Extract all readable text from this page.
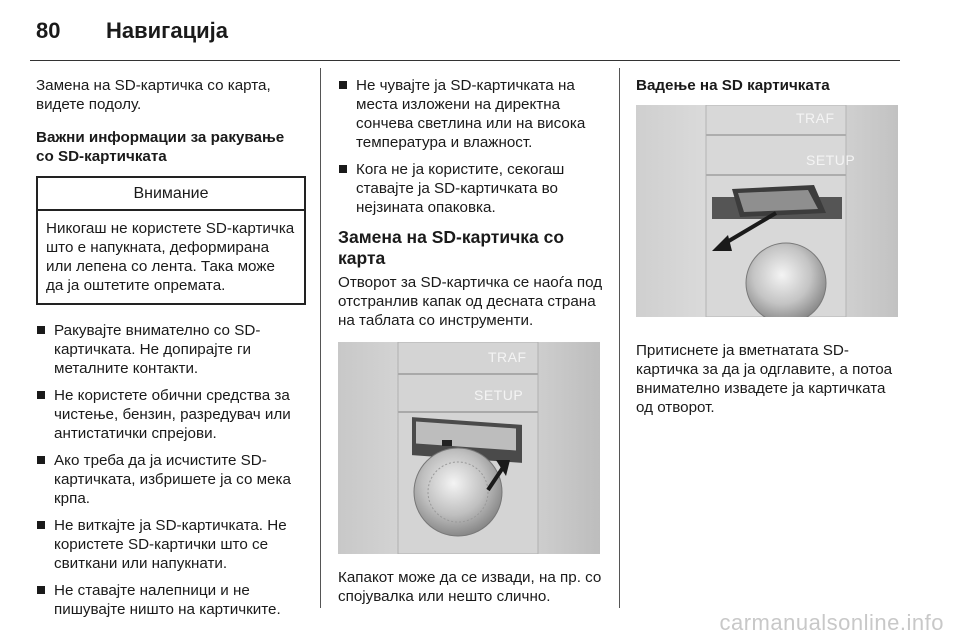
80	Навигација

Замена на SD-картичка со карта, видете подолу.

Важни информации за ракување со SD-картичката
Внимание
Никогаш не користете SD-картичка што е напукната, деформирана или лепена со лента. Така може да ја оштетите опремата.
Ракувајте внимателно со SD-картичката. Не допирајте ги металните контакти.
Не користете обични средства за чистење, бензин, разредувач или антистатички спрејови.
Ако треба да ја исчистите SD-картичката, избришете ја со мека крпа.
Не виткајте ја SD-картичката. Не користете SD-картички што се свиткани или напукнати.
Не ставајте налепници и не пишувајте ништо на картичките.
Не чувајте ја SD-картичката на места изложени на директна сончева светлина или на висока температура и влажност.
Кога не ја користите, секогаш ставајте ја SD-картичката во нејзината опаковка.
Замена на SD-картичка со карта

Отворот за SD-картичка се наоѓа под отстранлив капак од десната страна на таблата со инструменти.

TRAF
SETUP

Капакот може да се извади, на пр. со спојувалка или нешто слично.

Вадење на SD картичката
TRAF
SETUP

Притиснете ја вметнатата SD-картичка за да ја одглавите, а потоа внимателно извадете ја картичката од отворот.

carmanualsonline.info
